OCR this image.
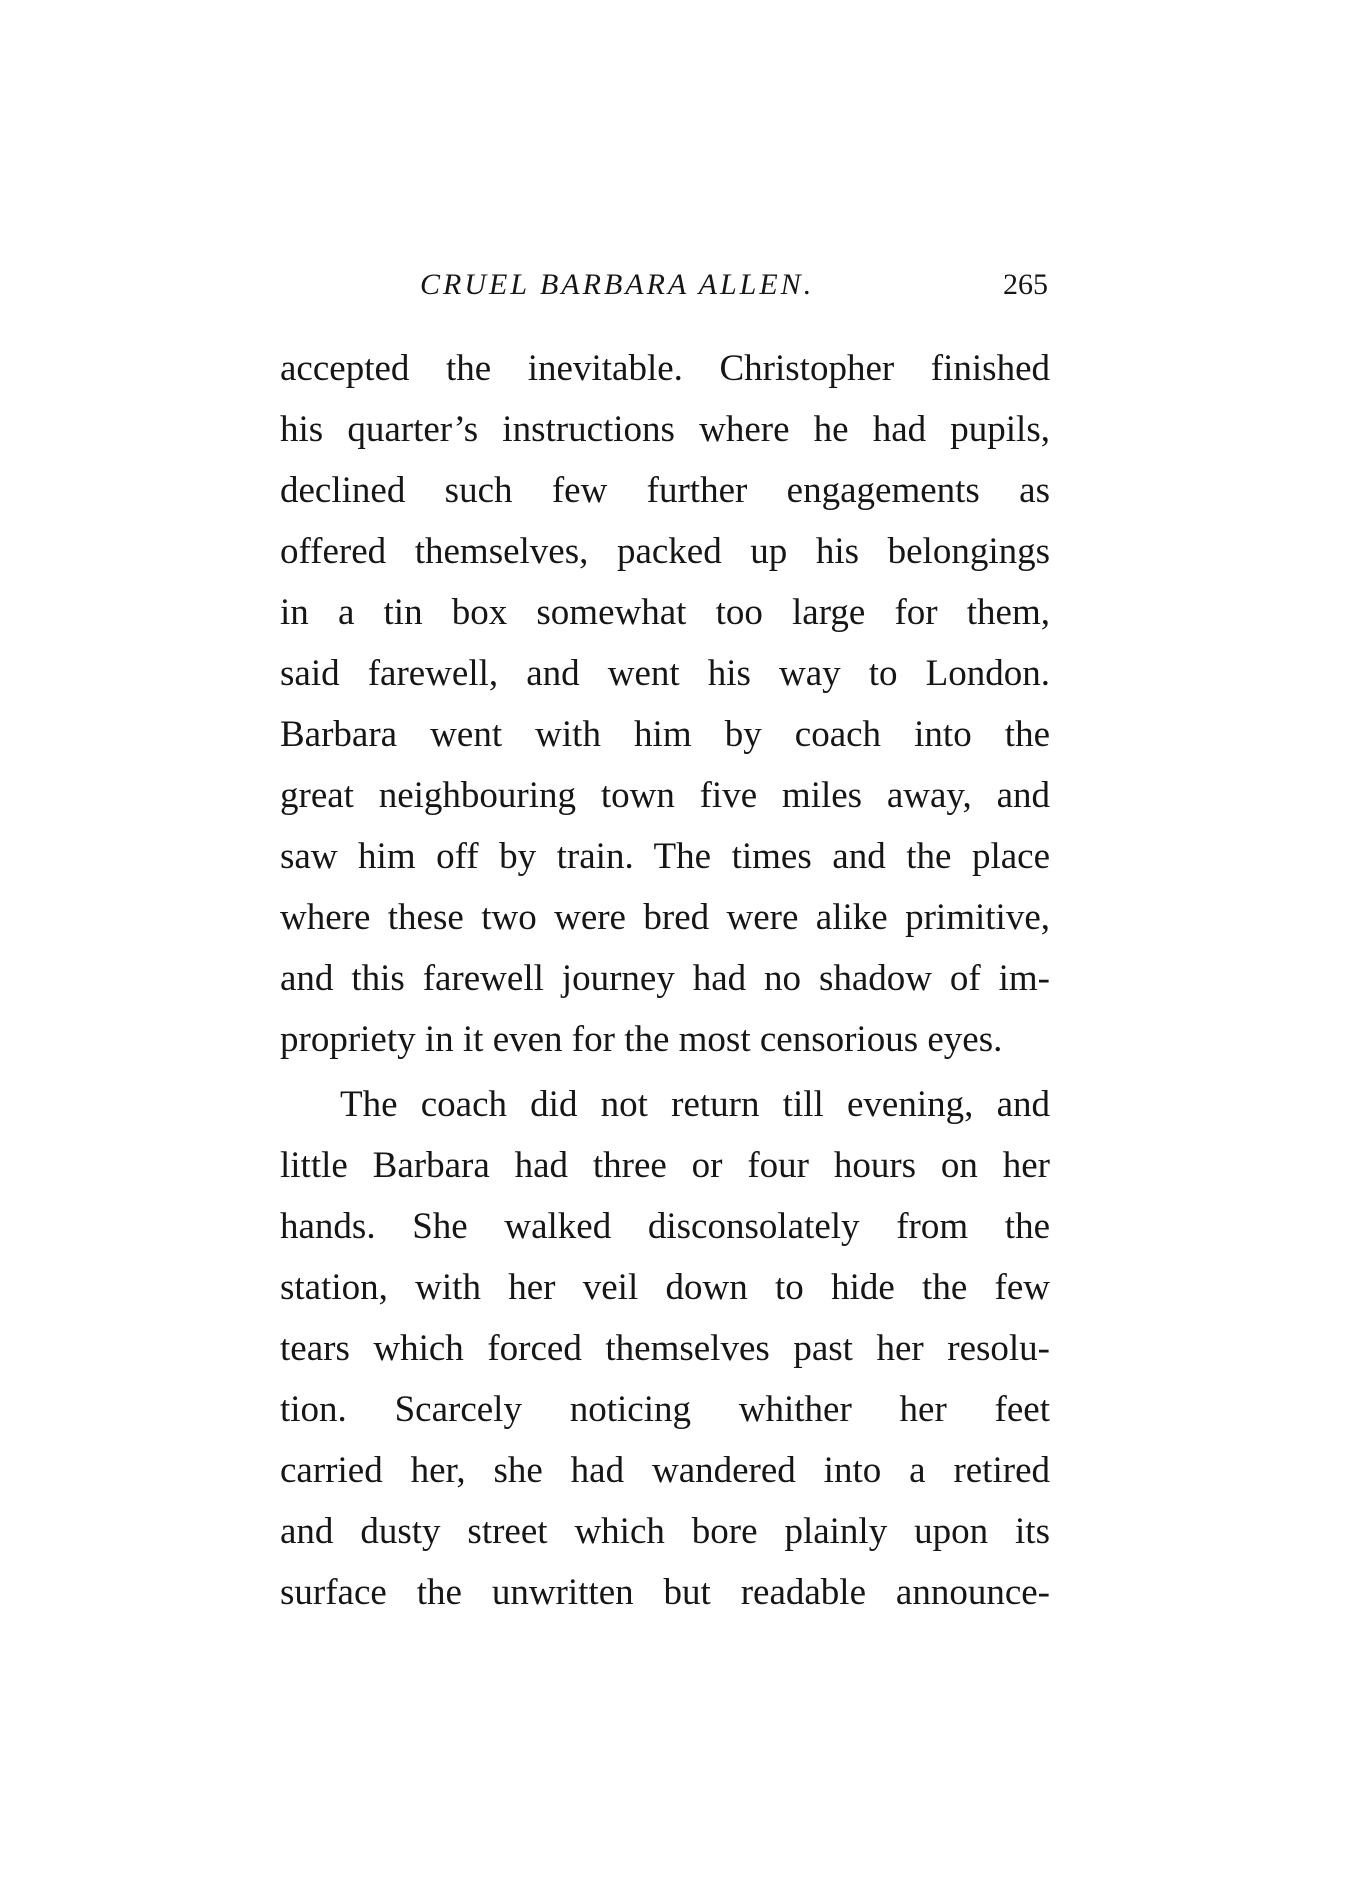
CRUEL BARBARA ALLEN.	265
accepted the inevitable. Christopher finished
his quarter’s instructions where he had pupils,
declined such few further engagements as
offered themselves, packed up his belongings
in a tin box somewhat too large for them,
said farewell, and went his way to London.
Barbara went with him by coach into the
great neighbouring town five miles away, and
saw him off by train. The times and the place
where these two were bred were alike primitive,
and this farewell journey had no shadow of im-
propriety in it even for the most censorious eyes.
The coach did not return till evening, and
little Barbara had three or four hours on her
hands. She walked disconsolately from the
station, with her veil down to hide the few
tears which forced themselves past her resolu-
tion. Scarcely noticing whither her feet
carried her, she had wandered into a retired
and dusty street which bore plainly upon its
surface the unwritten but readable announce-
